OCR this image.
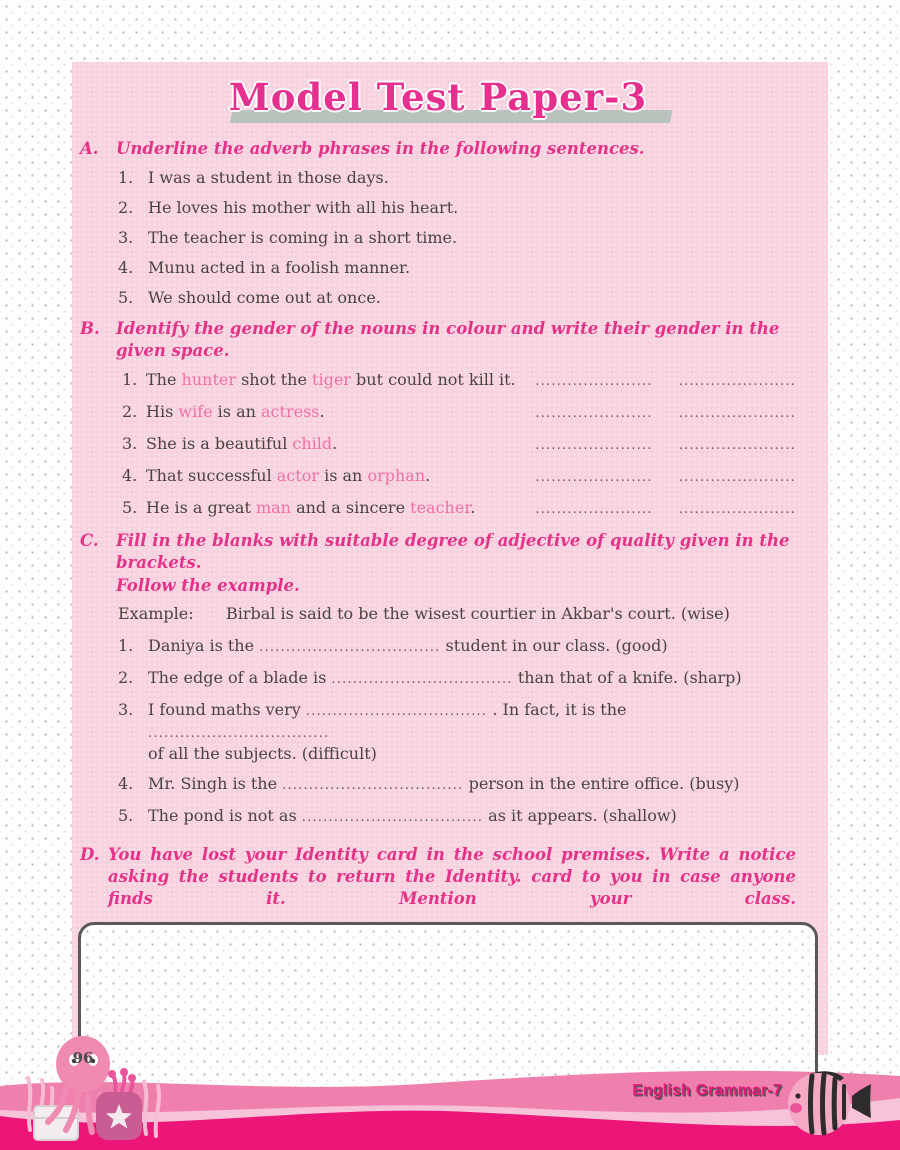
Model Test Paper-3
A.	Underline the adverb phrases in the following sentences.
1. I was a student in those days.
2. He loves his mother with all his heart.
3. The teacher is coming in a short time.
4. Munu acted in a foolish manner.
5. We should come out at once.
B. Identify the gender of the nouns in colour and write their gender in the given space.
1. The hunter shot the tiger but could not kill it. ...................... ......................
2. His wife is an actress.	...................... ......................
3. She is a beautiful child.	...................... ......................
4. That successful actor is an orphan.	...................... ......................
5. He is a great man and a sincere teacher.	...................... ......................
C.	Fill in the blanks with suitable degree of adjective of quality given in the brackets.
Follow the example.
Example:	Birbal is said to be the wisest courtier in Akbar's court. (wise)
1. Daniya is the .................................. student in our class. (good)
2. The edge of a blade is .................................. than that of a knife. (sharp)
3. I found maths very .................................. . In fact, it is the ..................................
of all the subjects. (difficult)
4. Mr. Singh is the .................................. person in the entire office. (busy)
5. The pond is not as .................................. as it appears. (shallow)
D. You have lost your Identity card in the school premises. Write a notice asking the students to return the Identity. card to you in case anyone finds it. Mention your class.
96
English Grammar-7
